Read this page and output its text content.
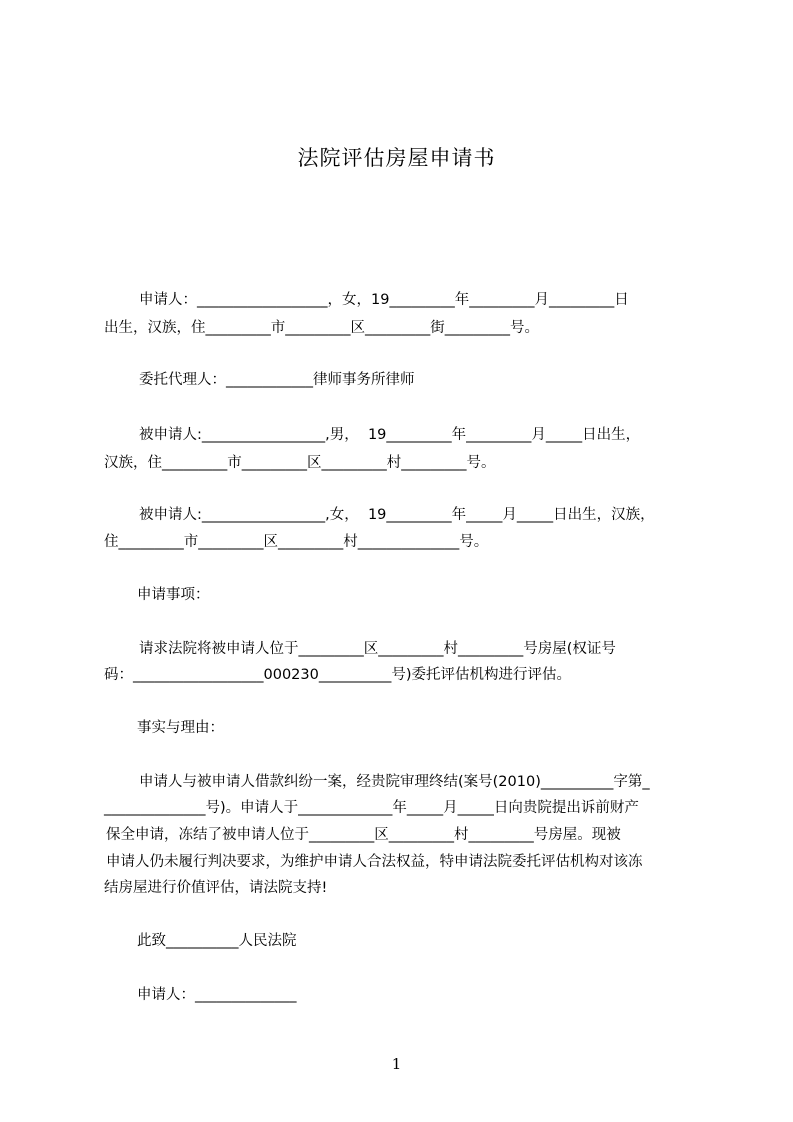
法院评估房屋申请书
申请人：__________________，女，19_________年_________月_________日
出生，汉族，住_________市_________区_________街_________号。
委托代理人：____________律师事务所律师
被申请人:_________________,男，  19_________年_________月_____日出生，
汉族，住_________市_________区_________村_________号。
被申请人:_________________,女，  19_________年_____月_____日出生，汉族，
住_________市_________区_________村______________号。
申请事项：
请求法院将被申请人位于_________区_________村_________号房屋(权证号
码：__________________000230__________号)委托评估机构进行评估。
事实与理由：
申请人与被申请人借款纠纷一案，经贵院审理终结(案号(2010)__________字第_
______________号)。申请人于_____________年_____月_____日向贵院提出诉前财产
保全申请，冻结了被申请人位于_________区_________村_________号房屋。现被
申请人仍未履行判决要求，为维护申请人合法权益，特申请法院委托评估机构对该冻
结房屋进行价值评估，请法院支持!
此致__________人民法院
申请人：______________
1
